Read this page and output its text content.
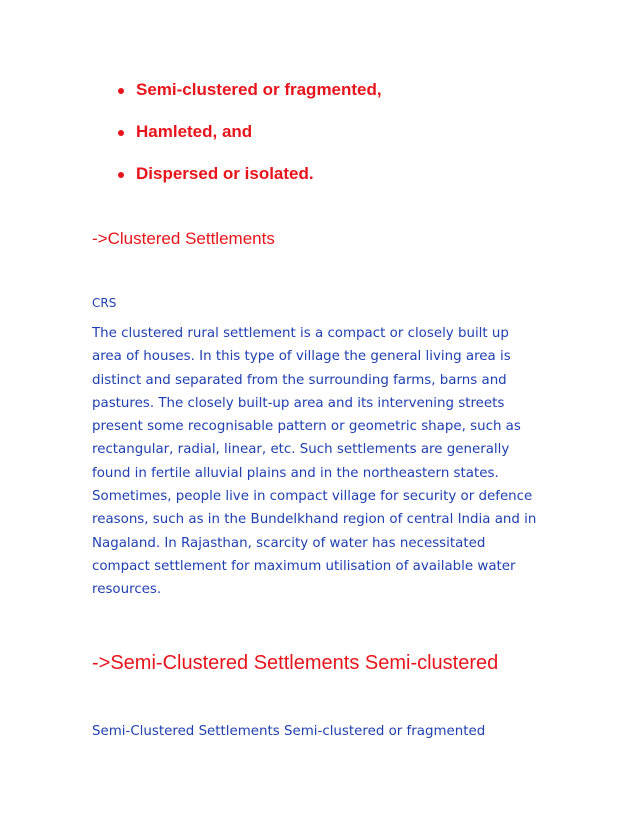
Semi-clustered or fragmented,
Hamleted, and
Dispersed or isolated.
->Clustered Settlements
CRS

The clustered rural settlement is a compact or closely built up
area of houses. In this type of village the general living area is
distinct and separated from the surrounding farms, barns and
pastures. The closely built-up area and its intervening streets
present some recognisable pattern or geometric shape, such as
rectangular, radial, linear, etc. Such settlements are generally
found in fertile alluvial plains and in the northeastern states.
Sometimes, people live in compact village for security or defence
reasons, such as in the Bundelkhand region of central India and in
Nagaland. In Rajasthan, scarcity of water has necessitated
compact settlement for maximum utilisation of available water
resources.

->Semi-Clustered Settlements Semi-clustered
Semi-Clustered Settlements Semi-clustered or fragmented
